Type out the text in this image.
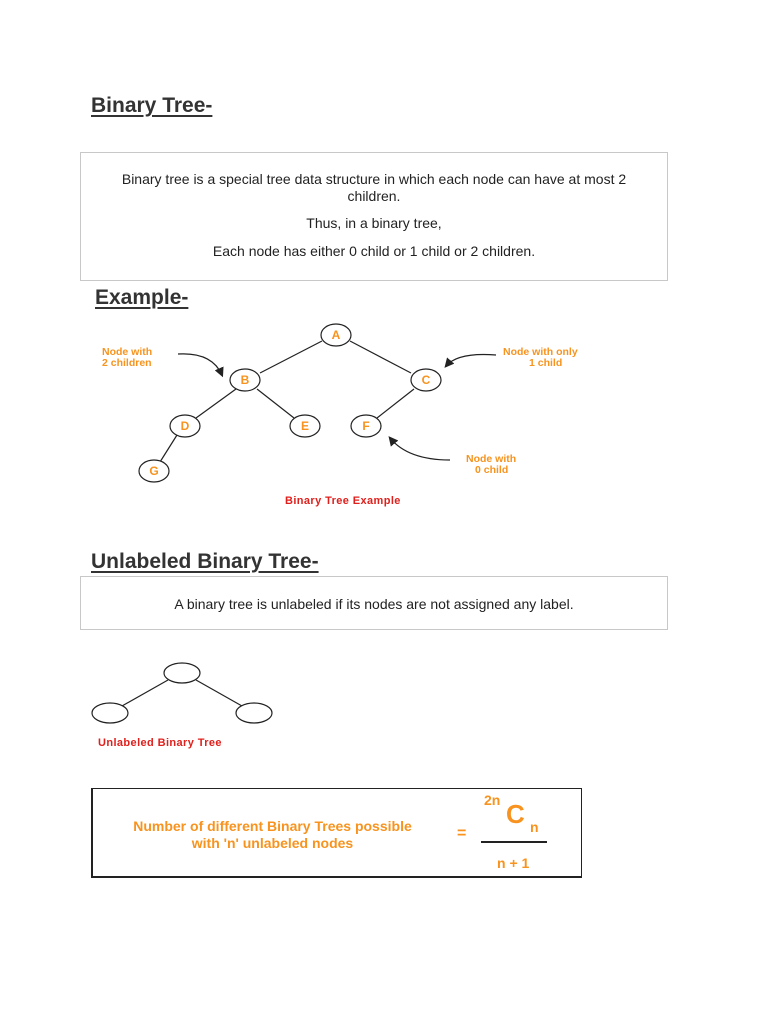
Binary Tree-

Binary tree is a special tree data structure in which each node can have at most 2 children.

Thus, in a binary tree,

Each node has either 0 child or 1 child or 2 children.

Example-
A
B	C
D	E	F
G
Node with
2 children
Node with only
1 child
Node with
0 child
Binary Tree Example
Unlabeled Binary Tree-

A binary tree is unlabeled if its nodes are not assigned any label.

Unlabeled Binary Tree
Number of different Binary Trees possible
with 'n' unlabeled nodes
=
2n C n
n + 1
